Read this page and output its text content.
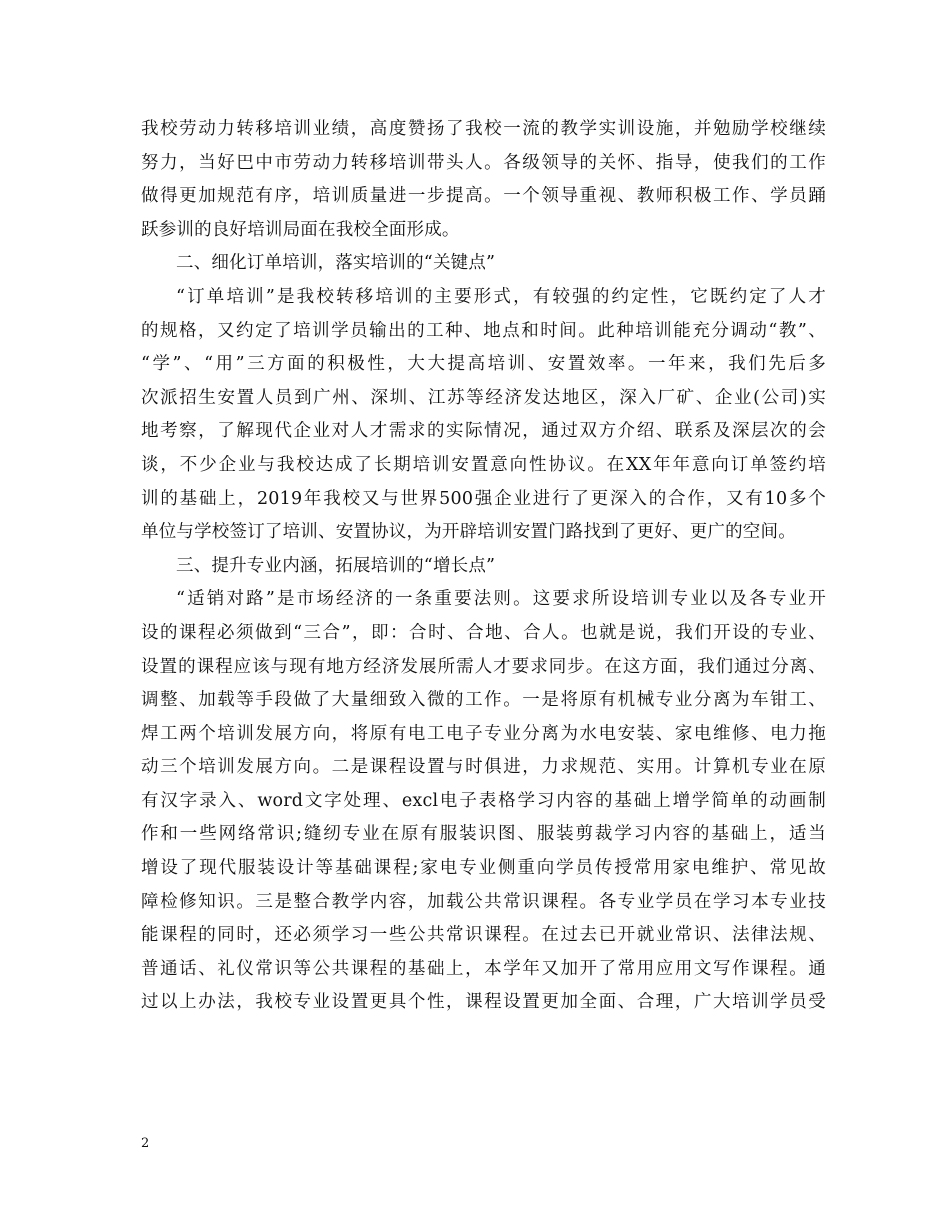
我校劳动力转移培训业绩，高度赞扬了我校一流的教学实训设施，并勉励学校继续
努力，当好巴中市劳动力转移培训带头人。各级领导的关怀、指导，使我们的工作
做得更加规范有序，培训质量进一步提高。一个领导重视、教师积极工作、学员踊
跃参训的良好培训局面在我校全面形成。
二、细化订单培训，落实培训的“关键点”
“订单培训”是我校转移培训的主要形式，有较强的约定性，它既约定了人才
的规格，又约定了培训学员输出的工种、地点和时间。此种培训能充分调动“教”、
“学”、“用”三方面的积极性，大大提高培训、安置效率。一年来，我们先后多
次派招生安置人员到广州、深圳、江苏等经济发达地区，深入厂矿、企业(公司)实
地考察，了解现代企业对人才需求的实际情况，通过双方介绍、联系及深层次的会
谈，不少企业与我校达成了长期培训安置意向性协议。在XX年年意向订单签约培
训的基础上，2019年我校又与世界500强企业进行了更深入的合作，又有10多个
单位与学校签订了培训、安置协议，为开辟培训安置门路找到了更好、更广的空间。
三、提升专业内涵，拓展培训的“增长点”
“适销对路”是市场经济的一条重要法则。这要求所设培训专业以及各专业开
设的课程必须做到“三合”，即：合时、合地、合人。也就是说，我们开设的专业、
设置的课程应该与现有地方经济发展所需人才要求同步。在这方面，我们通过分离、
调整、加载等手段做了大量细致入微的工作。一是将原有机械专业分离为车钳工、
焊工两个培训发展方向，将原有电工电子专业分离为水电安装、家电维修、电力拖
动三个培训发展方向。二是课程设置与时俱进，力求规范、实用。计算机专业在原
有汉字录入、word文字处理、excl电子表格学习内容的基础上增学简单的动画制
作和一些网络常识;缝纫专业在原有服装识图、服装剪裁学习内容的基础上，适当
增设了现代服装设计等基础课程;家电专业侧重向学员传授常用家电维护、常见故
障检修知识。三是整合教学内容，加载公共常识课程。各专业学员在学习本专业技
能课程的同时，还必须学习一些公共常识课程。在过去已开就业常识、法律法规、
普通话、礼仪常识等公共课程的基础上，本学年又加开了常用应用文写作课程。通
过以上办法，我校专业设置更具个性，课程设置更加全面、合理，广大培训学员受
2
